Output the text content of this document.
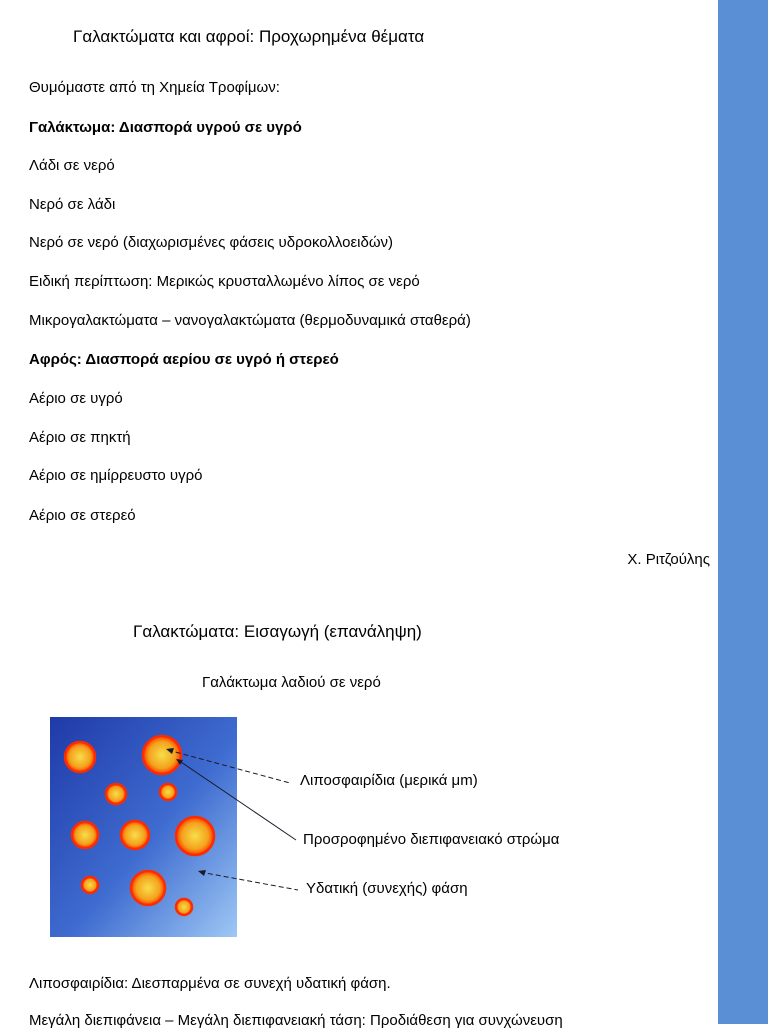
Γαλακτώματα και αφροί: Προχωρημένα θέματα
Θυμόμαστε από τη Χημεία Τροφίμων:
Γαλάκτωμα: Διασπορά υγρού σε υγρό
Λάδι σε νερό
Νερό σε λάδι
Νερό σε νερό (διαχωρισμένες φάσεις υδροκολλοειδών)
Ειδική περίπτωση: Μερικώς κρυσταλλωμένο λίπος σε νερό
Μικρογαλακτώματα – νανογαλακτώματα (θερμοδυναμικά σταθερά)
Αφρός: Διασπορά αερίου σε υγρό ή στερεό
Αέριο σε υγρό
Αέριο σε πηκτή
Αέριο σε ημίρρευστο υγρό
Αέριο σε στερεό
Χ. Ριτζούλης
Γαλακτώματα: Εισαγωγή (επανάληψη)
Γαλάκτωμα λαδιού σε νερό
Λιποσφαιρίδια (μερικά μm)
Προσροφημένο διεπιφανειακό στρώμα
Υδατική (συνεχής) φάση
Λιποσφαιρίδια: Διεσπαρμένα σε συνεχή υδατική φάση.
Μεγάλη διεπιφάνεια – Μεγάλη διεπιφανειακή τάση: Προδιάθεση για συνχώνευση
